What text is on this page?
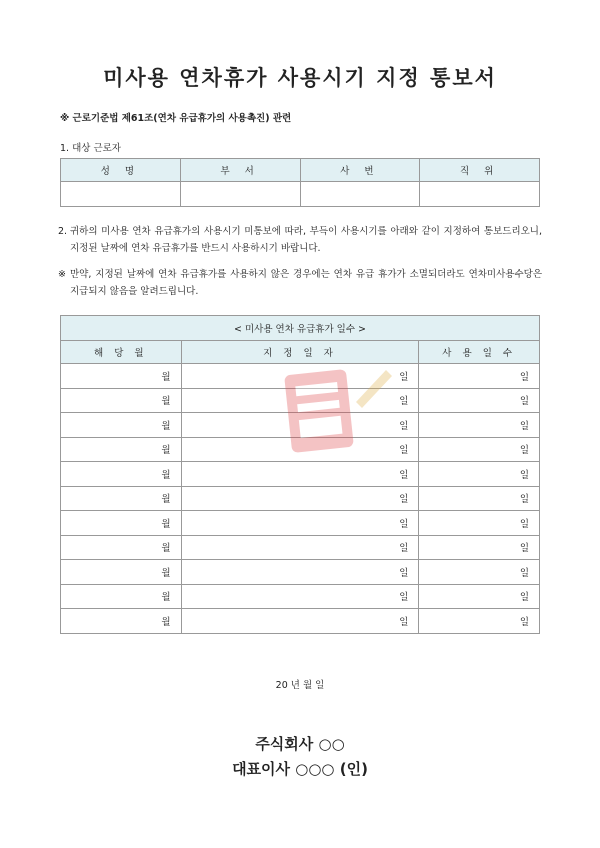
미사용 연차휴가 사용시기 지정 통보서
※ 근로기준법 제61조(연차 유급휴가의 사용촉진) 관련
1. 대상 근로자
성 명	부 서	사 번	직 위

2. 귀하의 미사용 연차 유급휴가의 사용시기 미통보에 따라, 부득이 사용시기를 아래와 같이 지정하여 통보드리오니, 지정된 날짜에 연차 유급휴가를 반드시 사용하시기 바랍니다.
※ 만약, 지정된 날짜에 연차 유급휴가를 사용하지 않은 경우에는 연차 유급 휴가가 소멸되더라도 연차미사용수당은 지급되지 않음을 알려드립니다.
< 미사용 연차 유급휴가 일수 >		
해 당 월	지 정 일 자	사 용 일 수
월	일	일
월	일	일
월	일	일
월	일	일
월	일	일
월	일	일
월	일	일
월	일	일
월	일	일
월	일	일
월	일	일
20 년 월 일
주식회사 ○○
대표이사 ○○○ (인)
